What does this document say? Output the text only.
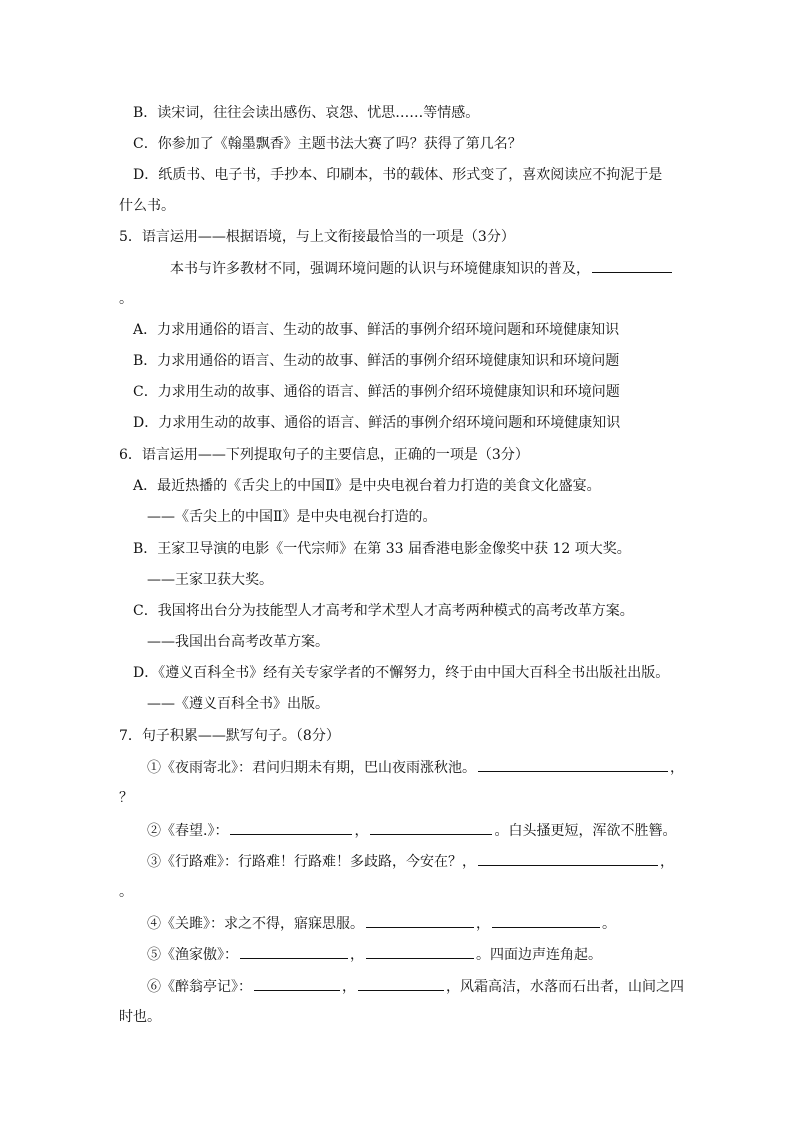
B．读宋词，往往会读出感伤、哀怨、忧思……等情感。
C．你参加了《翰墨飘香》主题书法大赛了吗？获得了第几名？
D．纸质书、电子书，手抄本、印刷本，书的载体、形式变了，喜欢阅读应不拘泥于是
什么书。
5．语言运用——根据语境，与上文衔接最恰当的一项是（3分）
本书与许多教材不同，强调环境问题的认识与环境健康知识的普及，
。
A．力求用通俗的语言、生动的故事、鲜活的事例介绍环境问题和环境健康知识
B．力求用通俗的语言、生动的故事、鲜活的事例介绍环境健康知识和环境问题
C．力求用生动的故事、通俗的语言、鲜活的事例介绍环境健康知识和环境问题
D．力求用生动的故事、通俗的语言、鲜活的事例介绍环境问题和环境健康知识
6．语言运用——下列提取句子的主要信息，正确的一项是（3分）
A．最近热播的《舌尖上的中国Ⅱ》是中央电视台着力打造的美食文化盛宴。
——《舌尖上的中国Ⅱ》是中央电视台打造的。
B．王家卫导演的电影《一代宗师》在第 33 届香港电影金像奖中获 12 项大奖。
——王家卫获大奖。
C．我国将出台分为技能型人才高考和学术型人才高考两种模式的高考改革方案。
——我国出台高考改革方案。
D．《遵义百科全书》经有关专家学者的不懈努力，终于由中国大百科全书出版社出版。
——《遵义百科全书》出版。
7．句子积累——默写句子。（8分）
①《夜雨寄北》：君问归期未有期，巴山夜雨涨秋池。	，
？
②《春望.》：	，	。白头搔更短，浑欲不胜簪。
③《行路难》：行路难！行路难！多歧路，今安在？，	，
。
④《关雎》：求之不得，寤寐思服。	，	。
⑤《渔家傲》：	，	。四面边声连角起。
⑥《醉翁亭记》：	，	，风霜高洁，水落而石出者，山间之四
时也。
